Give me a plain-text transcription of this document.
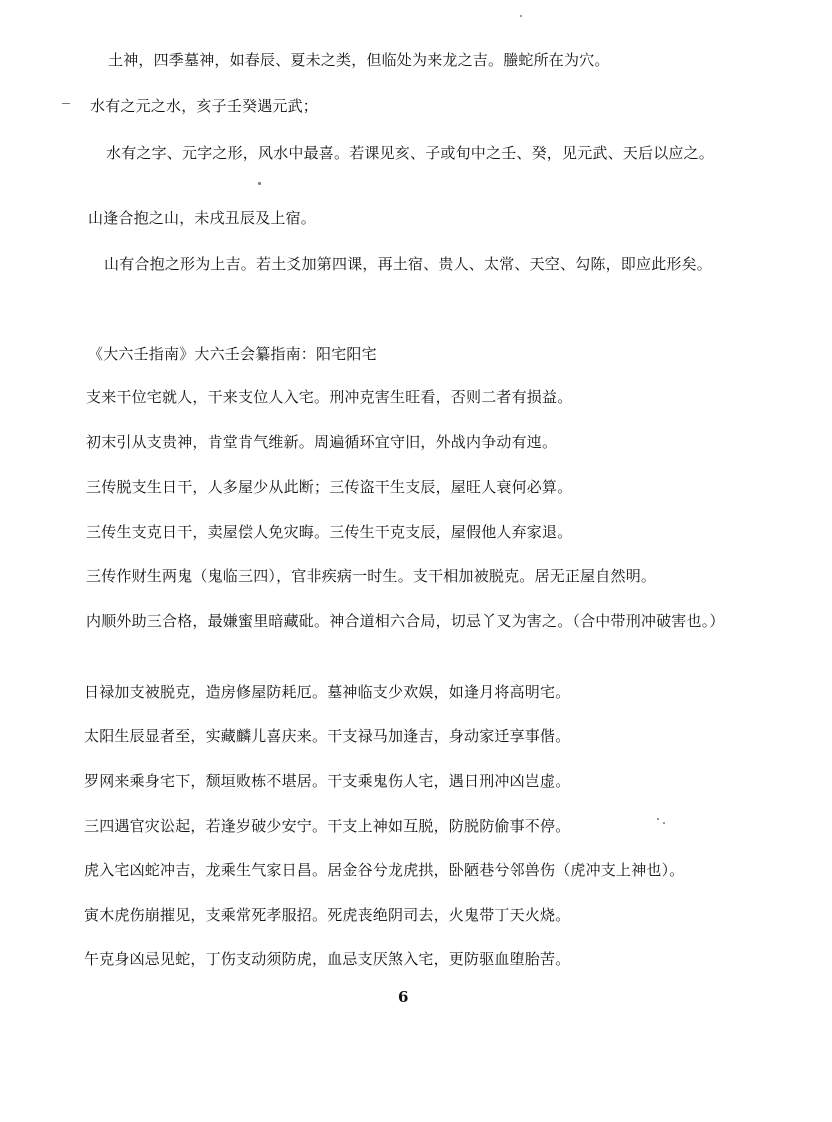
土神，四季墓神，如春辰、夏未之类，但临处为来龙之吉。螣蛇所在为穴。
水有之元之水，亥子壬癸遇元武；
水有之字、元字之形，风水中最喜。若课见亥、子或旬中之壬、癸，见元武、天后以应之。
山逢合抱之山，未戌丑辰及上宿。
山有合抱之形为上吉。若土爻加第四课，再土宿、贵人、太常、天空、勾陈，即应此形矣。
《大六壬指南》大六壬会纂指南：阳宅阳宅
支来干位宅就人，干来支位人入宅。刑冲克害生旺看，否则二者有损益。
初末引从支贵神，肯堂肯气维新。周遍循环宜守旧，外战内争动有迍。
三传脱支生日干，人多屋少从此断；三传盗干生支辰，屋旺人衰何必算。
三传生支克日干，卖屋偿人免灾晦。三传生干克支辰，屋假他人弃家退。
三传作财生两鬼（鬼临三四），官非疾病一时生。支干相加被脱克。居无正屋自然明。
内顺外助三合格，最嫌蜜里暗藏砒。神合道相六合局，切忌丫叉为害之。（合中带刑冲破害也。）
日禄加支被脱克，造房修屋防耗厄。墓神临支少欢娱，如逢月将高明宅。
太阳生辰显者至，实藏麟儿喜庆来。干支禄马加逢吉，身动家迁享事偕。
罗网来乘身宅下，颓垣败栋不堪居。干支乘鬼伤人宅，遇日刑冲凶岂虚。
三四遇官灾讼起，若逢岁破少安宁。干支上神如互脱，防脱防偷事不停。
虎入宅凶蛇冲吉，龙乘生气家日昌。居金谷兮龙虎拱，卧陋巷兮邻兽伤（虎冲支上神也）。
寅木虎伤崩摧见，支乘常死孝服招。死虎丧绝阴司去，火鬼带丁天火烧。
午克身凶忌见蛇，丁伤支动须防虎，血忌支厌煞入宅，更防驱血堕胎苦。
6
